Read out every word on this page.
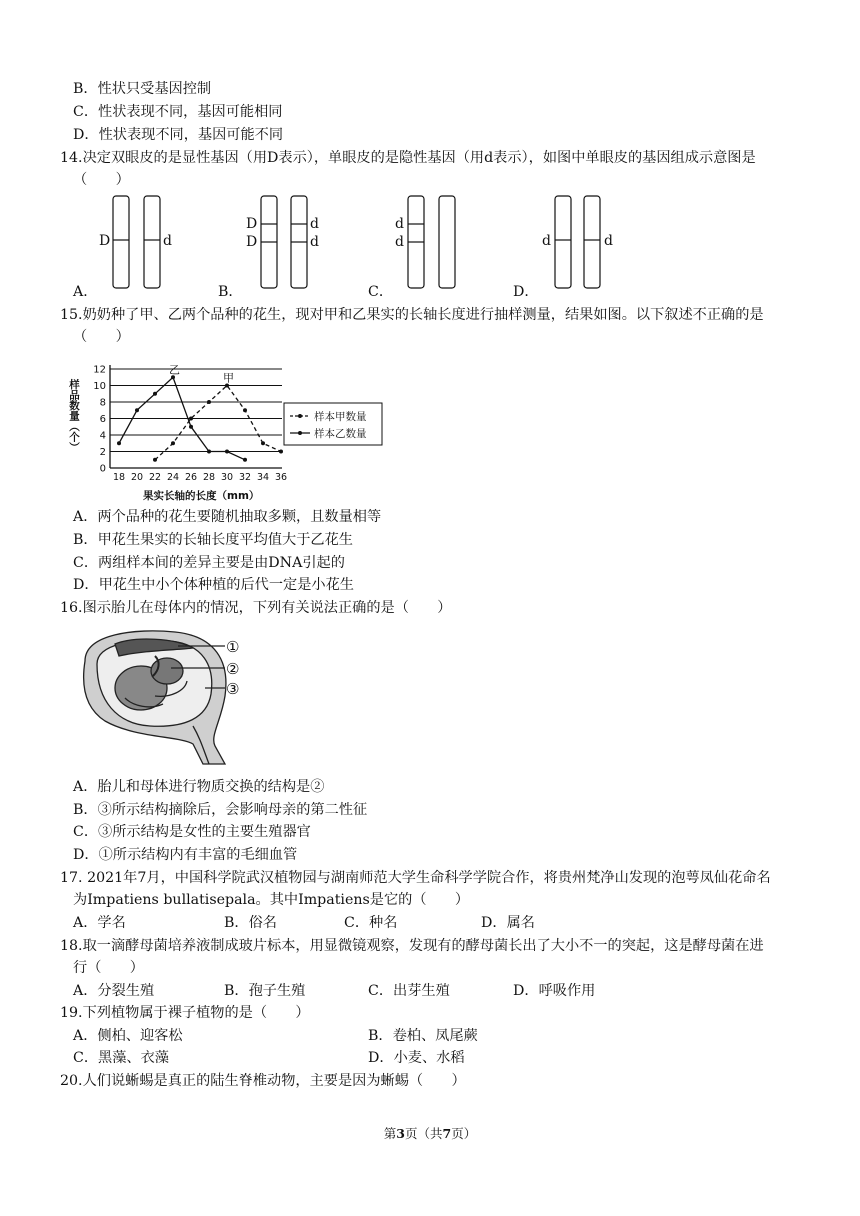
B．性状只受基因控制
C．性状表现不同，基因可能相同
D．性状表现不同，基因可能不同
14.决定双眼皮的是显性基因（用D表示），单眼皮的是隐性基因（用d表示），如图中单眼皮的基因组成示意图是
（　　）
D	d
D
D
d
d
d
d	d	d
A．	B．	C．	D．
15.奶奶种了甲、乙两个品种的花生，现对甲和乙果实的长轴长度进行抽样测量，结果如图。以下叙述不正确的是
（　　）
样品数量（个）
果实长轴的长度（mm）
0
2
4
6
8
10
12
18 20 22 24 26 28 30 32 34 36
甲
乙
样本甲数量
样本乙数量
A．两个品种的花生要随机抽取多颗，且数量相等
B．甲花生果实的长轴长度平均值大于乙花生
C．两组样本间的差异主要是由DNA引起的
D．甲花生中小个体种植的后代一定是小花生
16.图示胎儿在母体内的情况，下列有关说法正确的是（　　）
①
②
③
A．胎儿和母体进行物质交换的结构是②
B．③所示结构摘除后，会影响母亲的第二性征
C．③所示结构是女性的主要生殖器官
D．①所示结构内有丰富的毛细血管
17. 2021年7月，中国科学院武汉植物园与湖南师范大学生命科学学院合作，将贵州梵净山发现的泡萼凤仙花命名
为Impatiens bullatisepala。其中Impatiens是它的（　　）
A．学名	B．俗名	C．种名	D．属名
18.取一滴酵母菌培养液制成玻片标本，用显微镜观察，发现有的酵母菌长出了大小不一的突起，这是酵母菌在进
行（　　）
A．分裂生殖	B．孢子生殖	C．出芽生殖	D．呼吸作用
19.下列植物属于裸子植物的是（　　）
A．侧柏、迎客松	B．卷柏、凤尾蕨
C．黑藻、衣藻	D．小麦、水稻
20.人们说蜥蜴是真正的陆生脊椎动物，主要是因为蜥蜴（　　）
第3页（共7页）
